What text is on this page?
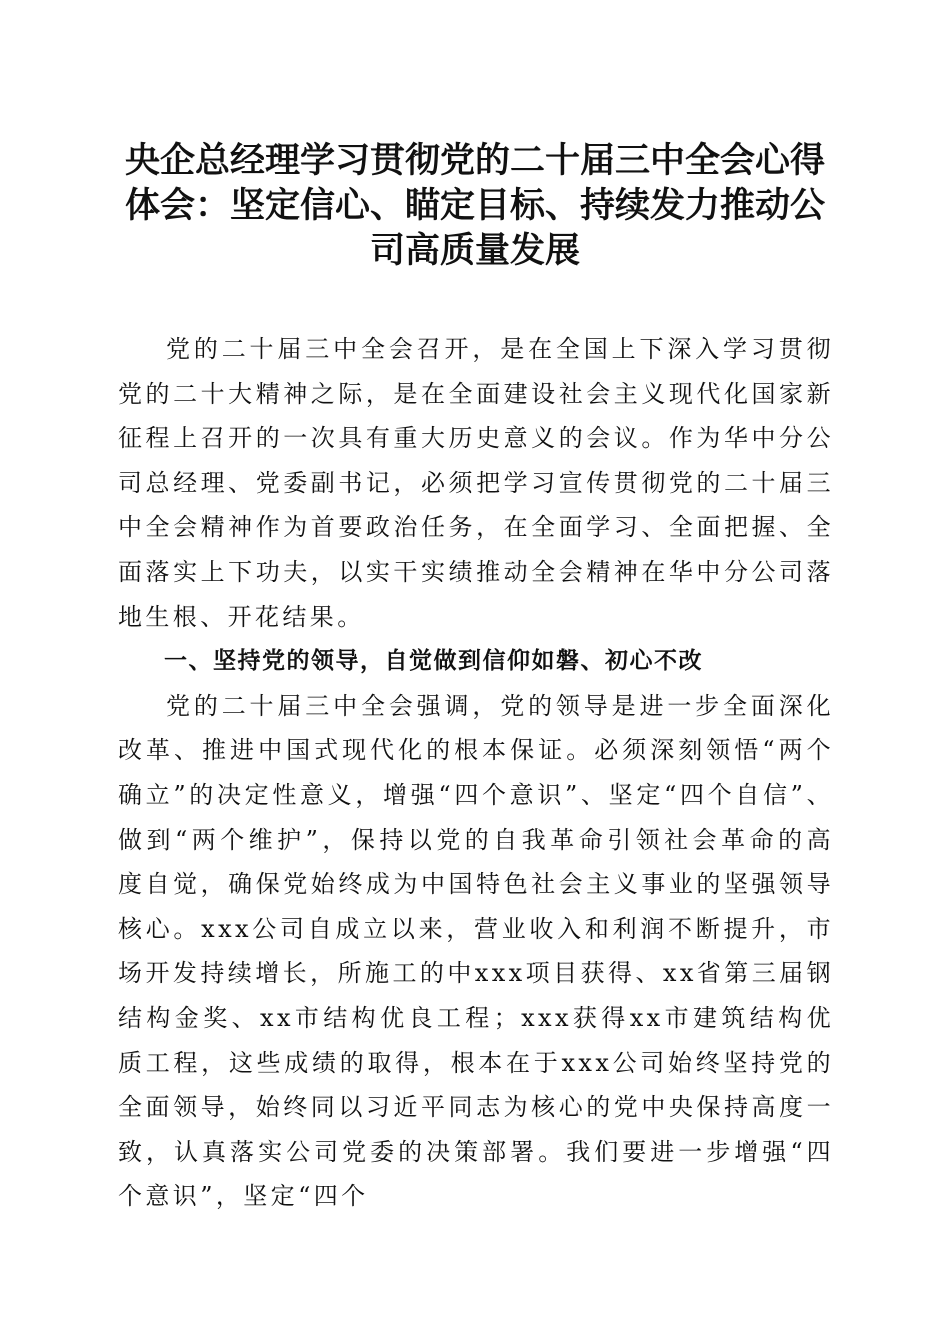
央企总经理学习贯彻党的二十届三中全会心得体会：坚定信心、瞄定目标、持续发力推动公司高质量发展

党的二十届三中全会召开，是在全国上下深入学习贯彻党的二十大精神之际，是在全面建设社会主义现代化国家新征程上召开的一次具有重大历史意义的会议。作为华中分公司总经理、党委副书记，必须把学习宣传贯彻党的二十届三中全会精神作为首要政治任务，在全面学习、全面把握、全面落实上下功夫，以实干实绩推动全会精神在华中分公司落地生根、开花结果。

一、坚持党的领导，自觉做到信仰如磐、初心不改

党的二十届三中全会强调，党的领导是进一步全面深化改革、推进中国式现代化的根本保证。必须深刻领悟“两个确立”的决定性意义，增强“四个意识”、坚定“四个自信”、做到“两个维护”，保持以党的自我革命引领社会革命的高度自觉，确保党始终成为中国特色社会主义事业的坚强领导核心。xxx公司自成立以来，营业收入和利润不断提升，市场开发持续增长，所施工的中xxx项目获得、xx省第三届钢结构金奖、xx市结构优良工程；xxx获得xx市建筑结构优质工程，这些成绩的取得，根本在于xxx公司始终坚持党的全面领导，始终同以习近平同志为核心的党中央保持高度一致，认真落实公司党委的决策部署。我们要进一步增强“四个意识”，坚定“四个
